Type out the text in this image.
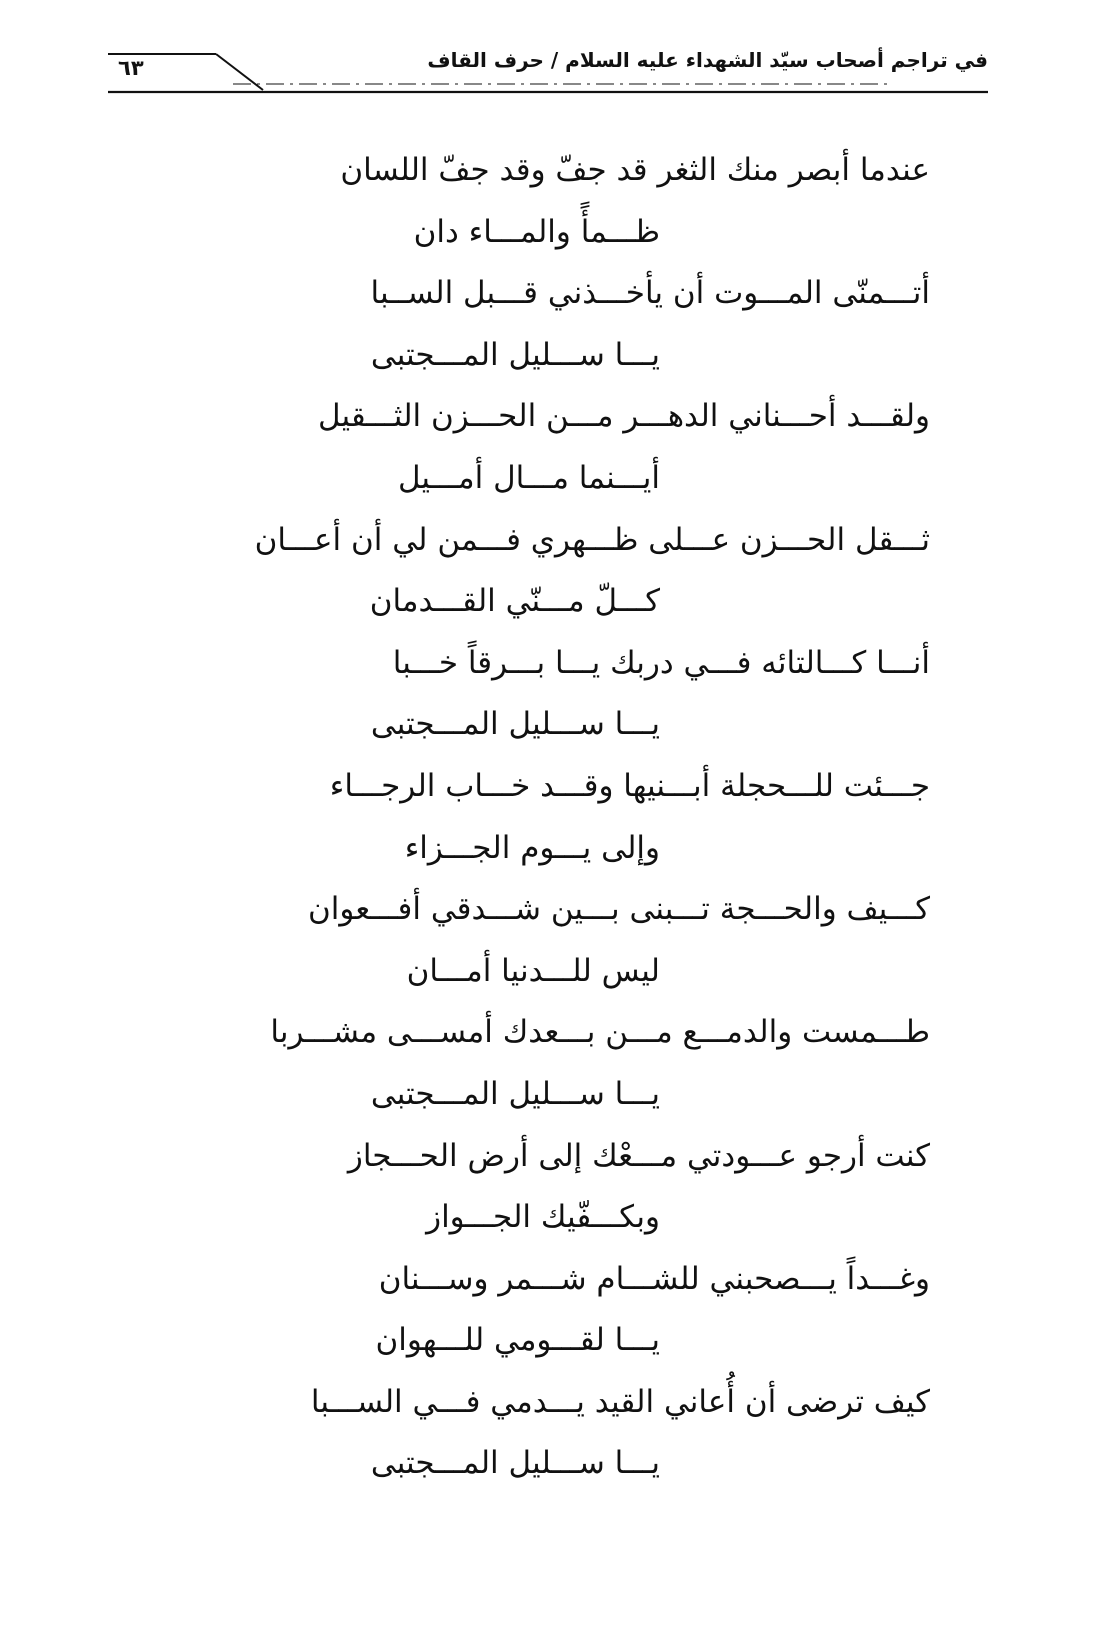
٦٣	في تراجم أصحاب سيّد الشهداء عليه السلام / حرف القاف
عندما أبصر منك الثغر قد جفّ وقد جفّ اللسان
ظـــمأً والمـــاء دان
أتـــمنّى المـــوت أن يأخـــذني قـــبل الســبا
يـــا ســـليل المـــجتبى
ولقـــد أحـــناني الدهـــر مـــن الحـــزن الثـــقيل
أيـــنما مـــال أمـــيل
ثـــقل الحـــزن عـــلى ظـــهري فـــمن لي أن أعـــان
كـــلّ مـــنّي القـــدمان
أنـــا كـــالتائه فـــي دربك يـــا بـــرقاً خـــبا
يـــا ســـليل المـــجتبى
جـــئت للـــحجلة أبـــنيها وقـــد خـــاب الرجـــاء
وإلى يـــوم الجـــزاء
كـــيف والحـــجة تـــبنى بـــين شـــدقي أفـــعوان
ليس للـــدنيا أمـــان
طـــمست والدمـــع مـــن بـــعدك أمســـى مشـــربا
يـــا ســـليل المـــجتبى
كنت أرجو عـــودتي مـــعْك إلى أرض الحـــجاز
وبكـــفّيك الجـــواز
وغـــداً يـــصحبني للشـــام شـــمر وســـنان
يـــا لقـــومي للـــهوان
كيف ترضى أن أُعاني القيد يـــدمي فـــي الســـبا
يـــا ســـليل المـــجتبى
